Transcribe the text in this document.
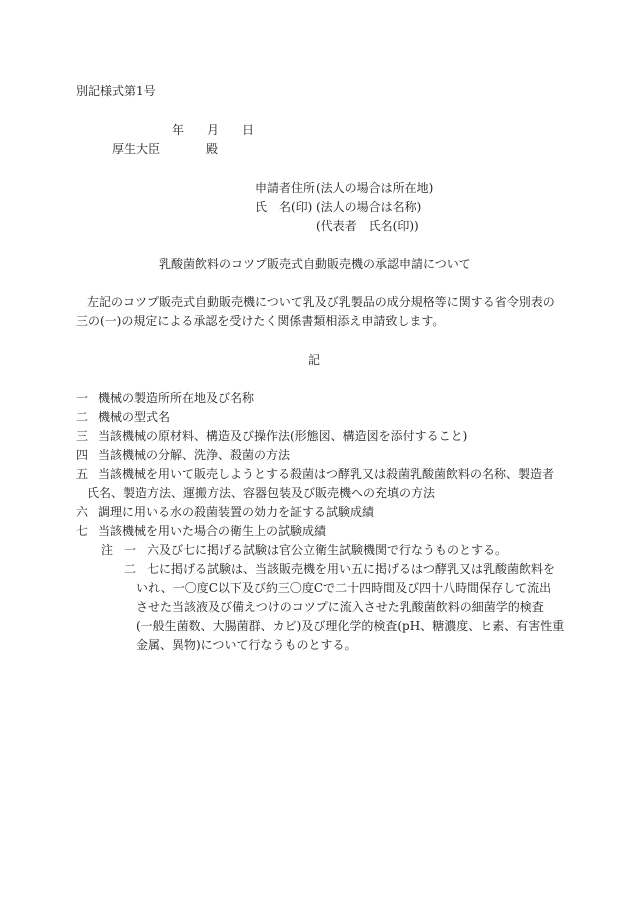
別記様式第1号
年 月 日
厚生大臣	殿
申請者住所 (法人の場合は所在地)
氏　名(印) (法人の場合は名称)
(代表者　氏名(印))
乳酸菌飲料のコツプ販売式自動販売機の承認申請について
左記のコツプ販売式自動販売機について乳及び乳製品の成分規格等に関する省令別表の
三の(一)の規定による承認を受けたく関係書類相添え申請致します。
記
一 機械の製造所所在地及び名称
二 機械の型式名
三 当該機械の原材料、構造及び操作法(形態図、構造図を添付すること)
四 当該機械の分解、洗浄、殺菌の方法
五 当該機械を用いて販売しようとする殺菌はつ酵乳又は殺菌乳酸菌飲料の名称、製造者
氏名、製造方法、運搬方法、容器包装及び販売機への充填の方法
六 調理に用いる水の殺菌装置の効力を証する試験成績
七 当該機械を用いた場合の衛生上の試験成績
注 一 六及び七に掲げる試験は官公立衛生試験機関で行なうものとする。
二 七に掲げる試験は、当該販売機を用い五に掲げるはつ酵乳又は乳酸菌飲料を
いれ、一〇度C以下及び約三〇度Cで二十四時間及び四十八時間保存して流出
させた当該液及び備えつけのコツプに流入させた乳酸菌飲料の細菌学的検査
(一般生菌数、大腸菌群、カビ)及び理化学的検査(pH、糖濃度、ヒ素、有害性重
金属、異物)について行なうものとする。
